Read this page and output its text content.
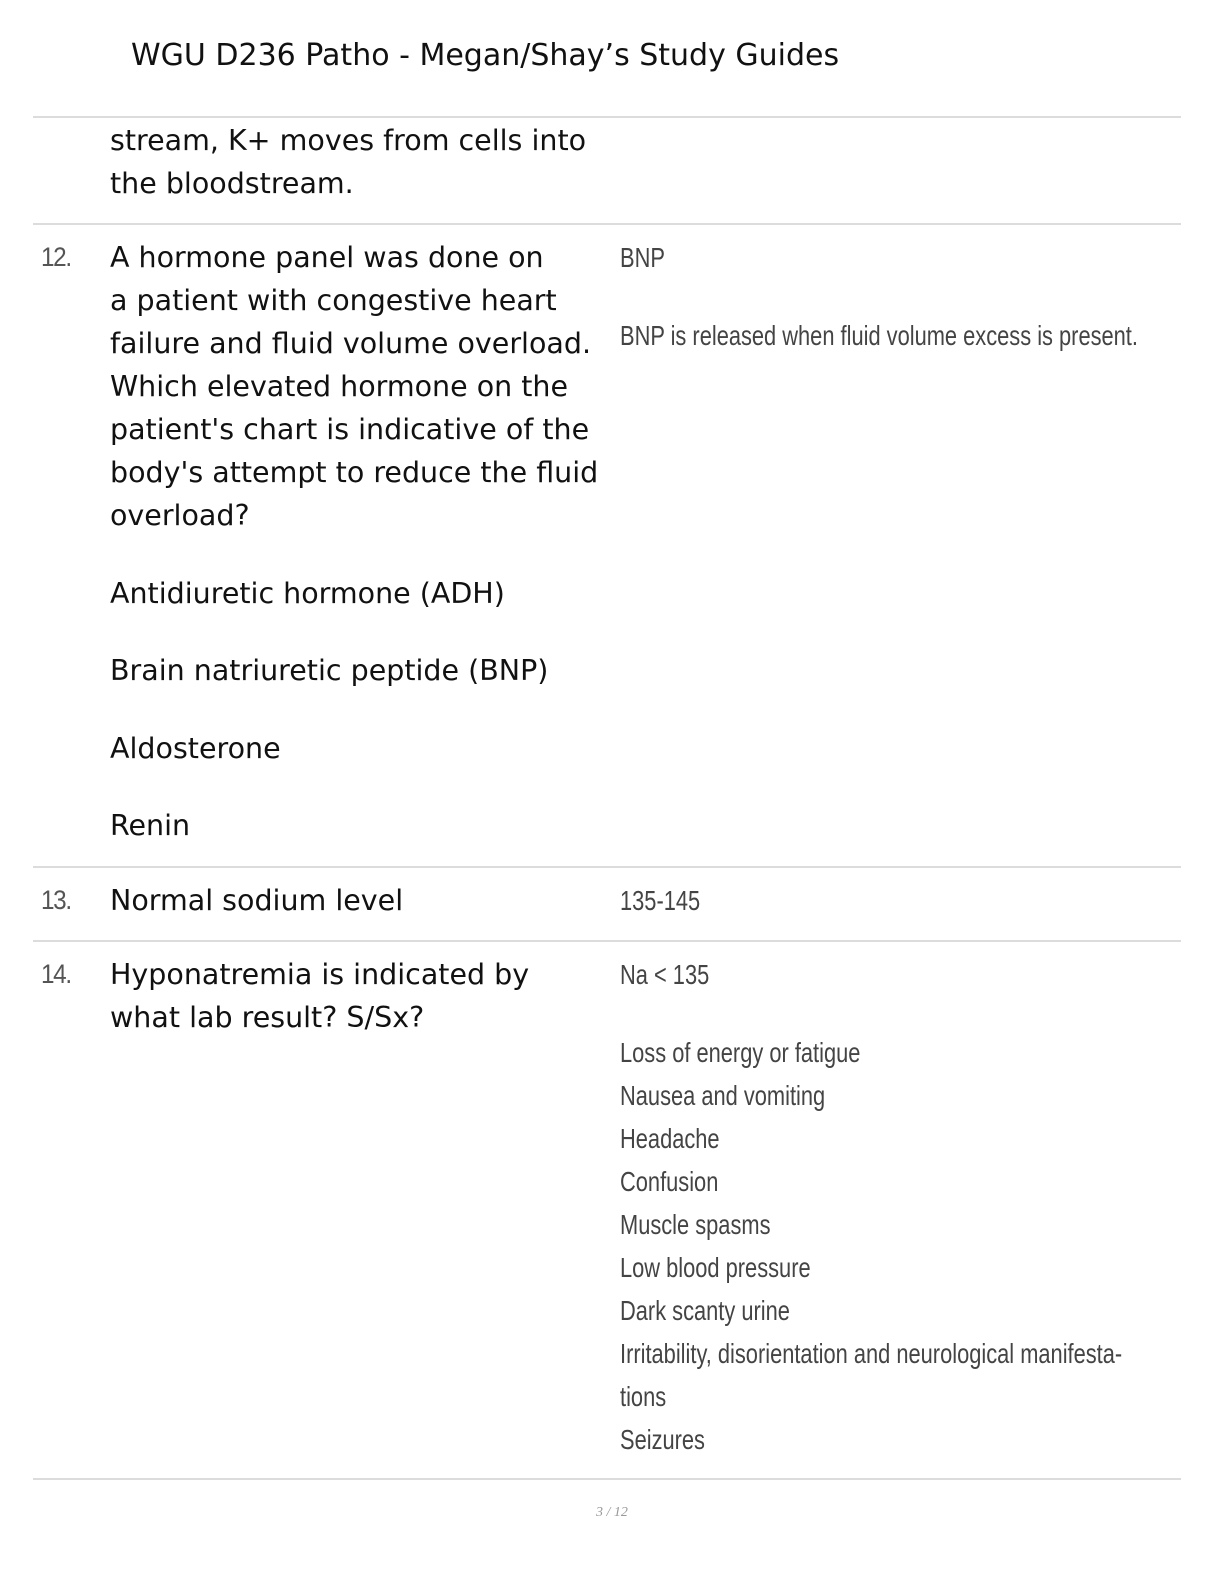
WGU D236 Patho - Megan/Shay’s Study Guides

stream, K+ moves from cells into

the bloodstream.

12. A hormone panel was done on

a patient with congestive heart

failure and fluid volume overload.

Which elevated hormone on the

patient's chart is indicative of the

body's attempt to reduce the fluid

overload?

Antidiuretic hormone (ADH)
Brain natriuretic peptide (BNP)
Aldosterone
Renin
BNP
BNP is released when fluid volume excess is present.
13. Normal sodium level	135-145
14. Hyponatremia is indicated by

what lab result? S/Sx?

Na < 135
Loss of energy or fatigue
Nausea and vomiting
Headache
Confusion
Muscle spasms
Low blood pressure
Dark scanty urine
Irritability, disorientation and neurological manifesta-
tions
Seizures
3 / 12
